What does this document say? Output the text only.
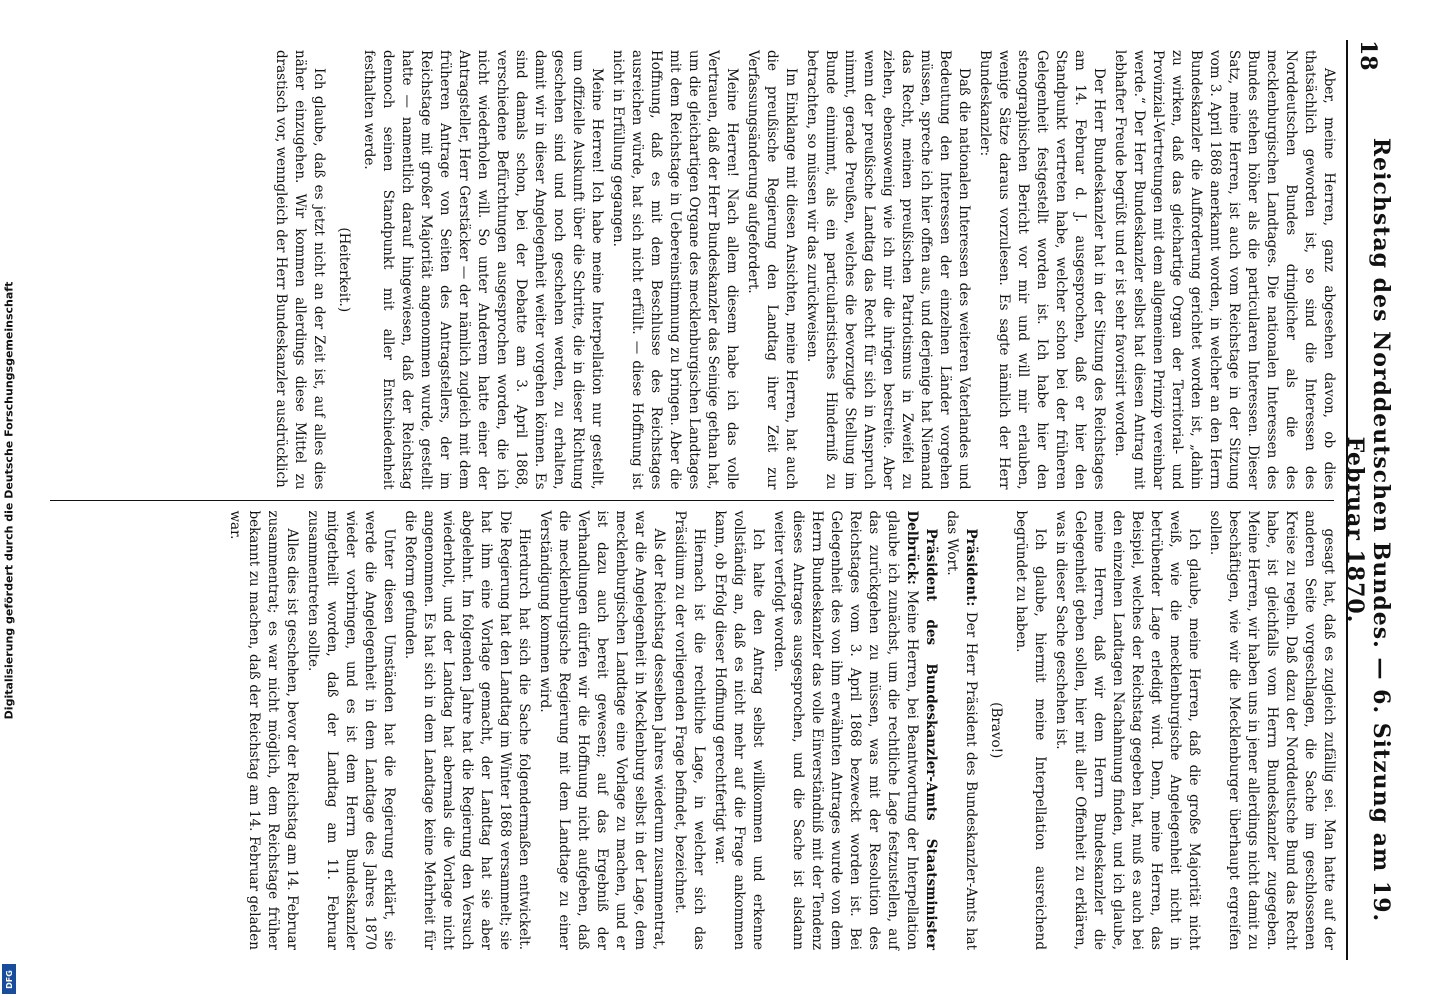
18
Reichstag des Norddeutschen Bundes. — 6. Sitzung am 19. Februar 1870.

Aber, meine Herren, ganz abgesehen davon, ob dies thatsächlich geworden ist, so sind die Interessen des Norddeutschen Bundes dringlicher als die des mecklenburgischen Landtages. Die nationalen Interessen des Bundes stehen höher als die particularen Interessen. Dieser Satz, meine Herren, ist auch vom Reichstage in der Sitzung vom 3. April 1868 anerkannt worden, in welcher an den Herrn Bundeskanzler die Aufforderung gerichtet worden ist, „dahin zu wirken, daß das gleichartige Organ der Territorial- und Provinzial-Vertretungen mit dem allgemeinen Prinzip vereinbar werde.“ Der Herr Bundeskanzler selbst hat diesen Antrag mit lebhafter Freude begrüßt und er ist sehr favorisirt worden.

Der Herr Bundeskanzler hat in der Sitzung des Reichstages am 14. Februar d. J. ausgesprochen, daß er hier den Standpunkt vertreten habe, welcher schon bei der früheren Gelegenheit festgestellt worden ist. Ich habe hier den stenographischen Bericht vor mir und will mir erlauben, wenige Sätze daraus vorzulesen. Es sagte nämlich der Herr Bundeskanzler:

Daß die nationalen Interessen des weiteren Vaterlandes und Bedeutung den Interessen der einzelnen Länder vorgehen müssen, spreche ich hier offen aus, und derjenige hat Niemand das Recht, meinen preußischen Patriotismus in Zweifel zu ziehen, ebensowenig wie ich mir die ihrigen bestreite. Aber wenn der preußische Landtag das Recht für sich in Anspruch nimmt, gerade Preußen, welches die bevorzugte Stellung im Bunde einnimmt, als ein particularistisches Hinderniß zu betrachten, so müssen wir das zurückweisen.

Im Einklange mit diesen Ansichten, meine Herren, hat auch die preußische Regierung den Landtag ihrer Zeit zur Verfassungsänderung aufgefordert.

Meine Herren! Nach allem diesem habe ich das volle Vertrauen, daß der Herr Bundeskanzler das Seinige gethan hat, um die gleichartigen Organe des mecklenburgischen Landtages mit dem Reichstage in Uebereinstimmung zu bringen. Aber die Hoffnung, daß es mit dem Beschlusse des Reichstages ausreichen würde, hat sich nicht erfüllt. — diese Hoffnung ist nicht in Erfüllung gegangen.

Meine Herren! Ich habe meine Interpellation nur gestellt, um offizielle Auskunft über die Schritte, die in dieser Richtung geschehen sind und noch geschehen werden, zu erhalten, damit wir in dieser Angelegenheit weiter vorgehen können. Es sind damals schon, bei der Debatte am 3. April 1868, verschiedene Befürchtungen ausgesprochen worden, die ich nicht wiederholen will. So unter Anderem hatte einer der Antragsteller, Herr Gerstäcker — der nämlich zugleich mit dem früheren Antrage von Seiten des Antragstellers, der im Reichstage mit großer Majorität angenommen wurde, gestellt hatte — namentlich darauf hingewiesen, daß der Reichstag dennoch seinen Standpunkt mit aller Entschiedenheit festhalten werde.

(Heiterkeit.)

Ich glaube, daß es jetzt nicht an der Zeit ist, auf alles dies näher einzugehen. Wir kommen allerdings diese Mittel zu drastisch vor, wenngleich der Herr Bundeskanzler ausdrücklich

gesagt hat, daß es zugleich zufällig sei. Man hatte auf der anderen Seite vorgeschlagen, die Sache im geschlossenen Kreise zu regeln. Daß dazu der Norddeutsche Bund das Recht habe, ist gleichfalls vom Herrn Bundeskanzler zugegeben. Meine Herren, wir haben uns in jener allerdings nicht damit zu beschäftigen, wie wir die Mecklenburger überhaupt ergreifen sollen.

Ich glaube, meine Herren, daß die große Majorität nicht weiß, wie die mecklenburgische Angelegenheit nicht in betrübender Lage erledigt wird. Denn, meine Herren, das Beispiel, welches der Reichstag gegeben hat, muß es auch bei den einzelnen Landtagen Nachahmung finden, und ich glaube, meine Herren, daß wir dem Herrn Bundeskanzler die Gelegenheit geben sollen, hier mit aller Offenheit zu erklären, was in dieser Sache geschehen ist.

Ich glaube, hiermit meine Interpellation ausreichend begründet zu haben.

(Bravo!)

Präsident: Der Herr Präsident des Bundeskanzler-Amts hat das Wort.

Präsident des Bundeskanzler-Amts Staatsminister Delbrück: Meine Herren, bei Beantwortung der Interpellation glaube ich zunächst, um die rechtliche Lage festzustellen, auf das zurückgehen zu müssen, was mit der Resolution des Reichstages vom 3. April 1868 bezweckt worden ist. Bei Gelegenheit des von ihm erwähnten Antrages wurde von dem Herrn Bundeskanzler das volle Einverständniß mit der Tendenz dieses Antrages ausgesprochen, und die Sache ist alsdann weiter verfolgt worden.

Ich halte den Antrag selbst willkommen und erkenne vollständig an, daß es nicht mehr auf die Frage ankommen kann, ob Erfolg dieser Hoffnung gerechtfertigt war.

Hiernach ist die rechtliche Lage, in welcher sich das Präsidium zu der vorliegenden Frage befindet, bezeichnet.

Als der Reichstag desselben Jahres wiederum zusammentrat, war die Angelegenheit in Mecklenburg selbst in der Lage, dem mecklenburgischen Landtage eine Vorlage zu machen, und er ist dazu auch bereit gewesen; auf das Ergebniß der Verhandlungen dürfen wir die Hoffnung nicht aufgeben, daß die mecklenburgische Regierung mit dem Landtage zu einer Verständigung kommen wird.

Hierdurch hat sich die Sache folgendermaßen entwickelt. Die Regierung hat den Landtag im Winter 1868 versammelt; sie hat ihm eine Vorlage gemacht, der Landtag hat sie aber abgelehnt. Im folgenden Jahre hat die Regierung den Versuch wiederholt, und der Landtag hat abermals die Vorlage nicht angenommen. Es hat sich in dem Landtage keine Mehrheit für die Reform gefunden.

Unter diesen Umständen hat die Regierung erklärt, sie werde die Angelegenheit in dem Landtage des Jahres 1870 wieder vorbringen, und es ist dem Herrn Bundeskanzler mitgetheilt worden, daß der Landtag am 11. Februar zusammentreten sollte.

Alles dies ist geschehen, bevor der Reichstag am 14. Februar zusammentrat; es war nicht möglich, dem Reichstage früher bekannt zu machen, daß der Reichstag am 14. Februar geladen war.

Digitalisierung gefördert durch die Deutsche Forschungsgemeinschaft
DFG
